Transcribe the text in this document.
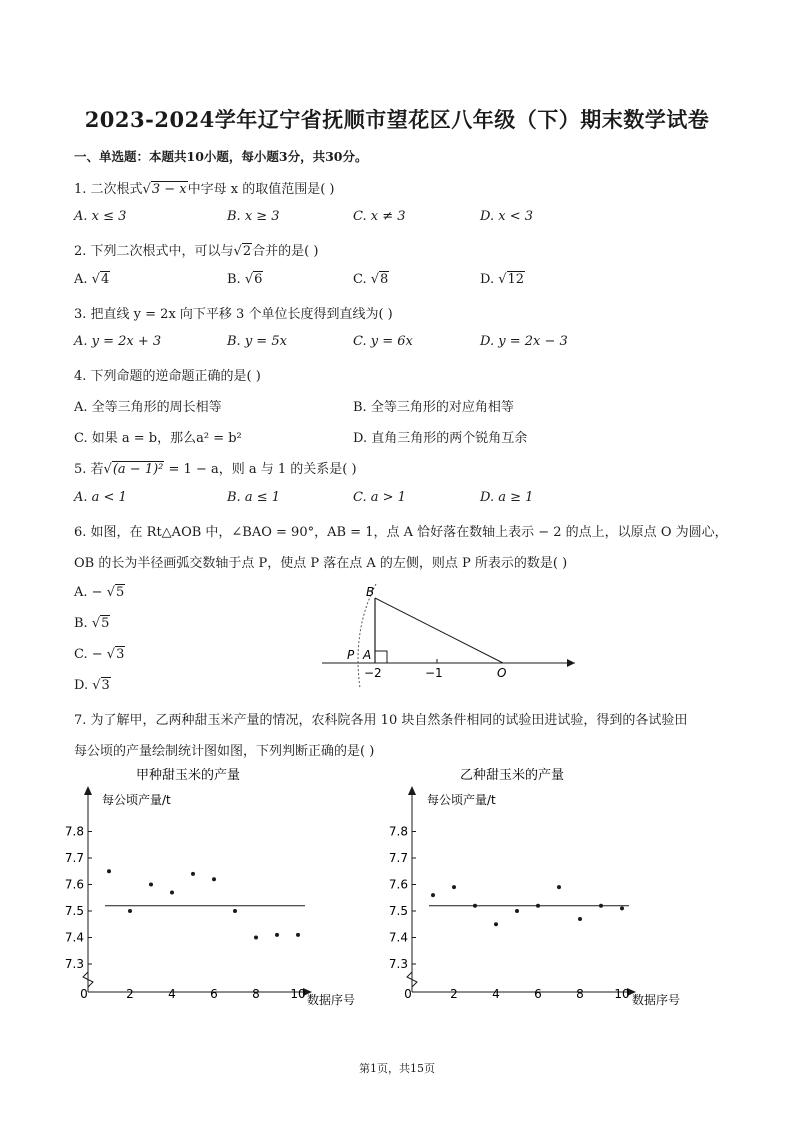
2023-2024学年辽宁省抚顺市望花区八年级（下）期末数学试卷
一、单选题：本题共10小题，每小题3分，共30分。
1. 二次根式√3 − x中字母 x 的取值范围是( )
A. x ≤ 3	B. x ≥ 3	C. x ≠ 3	D. x < 3
2. 下列二次根式中，可以与√2合并的是( )
A. √4	B. √6	C. √8	D. √12
3. 把直线 y = 2x 向下平移 3 个单位长度得到直线为( )
A. y = 2x + 3	B. y = 5x	C. y = 6x	D. y = 2x − 3
4. 下列命题的逆命题正确的是( )
A. 全等三角形的周长相等	B. 全等三角形的对应角相等
C. 如果 a = b，那么a² = b²	D. 直角三角形的两个锐角互余
5. 若√(a − 1)² = 1 − a，则 a 与 1 的关系是( )
A. a < 1	B. a ≤ 1	C. a > 1	D. a ≥ 1
6. 如图，在 Rt△AOB 中，∠BAO = 90°，AB = 1，点 A 恰好落在数轴上表示 − 2 的点上，以原点 O 为圆心，
OB 的长为半径画弧交数轴于点 P，使点 P 落在点 A 的左侧，则点 P 所表示的数是( )
A. − √5
B. √5
C. − √3
D. √3
B
P A
−2	−1	O
7. 为了解甲，乙两种甜玉米产量的情况，农科院各用 10 块自然条件相同的试验田进试验，得到的各试验田
每公顷的产量绘制统计图如图，下列判断正确的是( )
甲种甜玉米的产量
每公顷产量/t
数据序号
7.3
7.4
7.5
7.6
7.7
7.8
0	2	4	6	8	10
乙种甜玉米的产量
每公顷产量/t
数据序号
7.3
7.4
7.5
7.6
7.7
7.8
0	2	4	6	8	10
第1页，共15页
